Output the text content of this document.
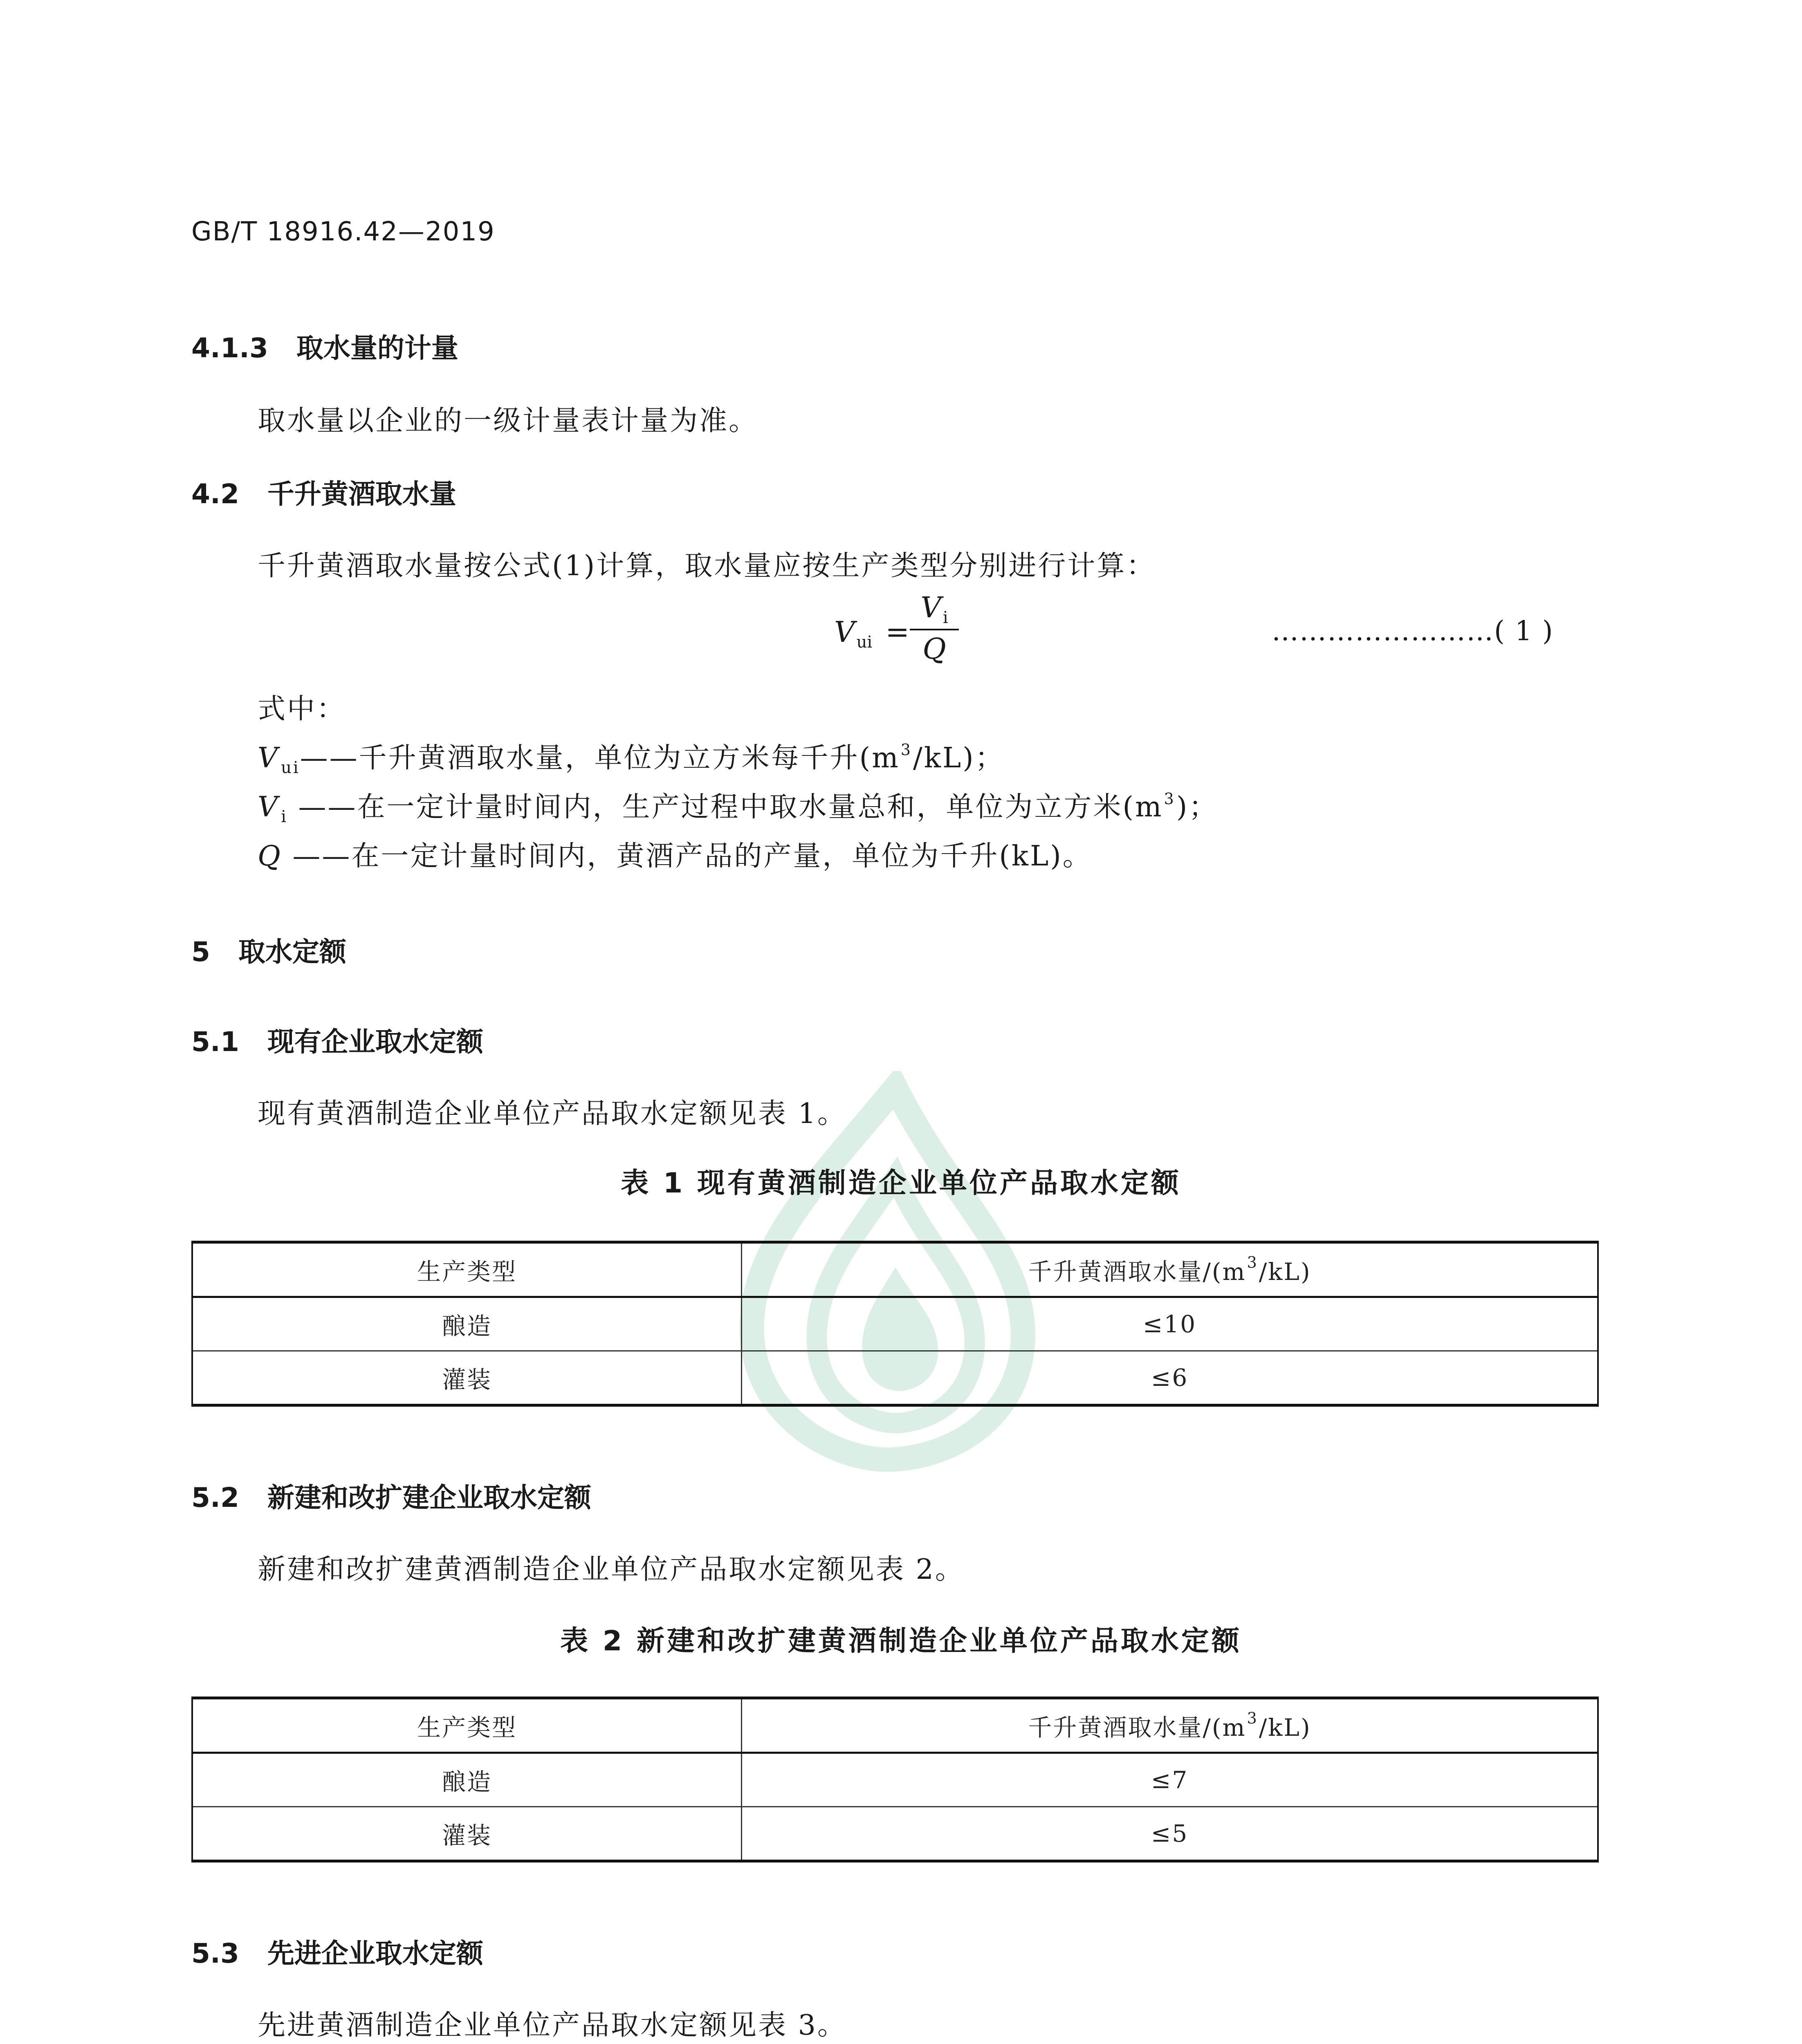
GB/T 18916.42—2019
4.1.3 取水量的计量
取水量以企业的一级计量表计量为准。
4.2 千升黄酒取水量
千升黄酒取水量按公式(1)计算，取水量应按生产类型分别进行计算：
V $_{ui}$ =
V $_i$
Q
……………………( 1 )
式中：
V $_{ui}$——千升黄酒取水量，单位为立方米每千升$(m^3/kL)$；
V $_i$ ——在一定计量时间内，生产过程中取水量总和，单位为立方米$(m^3)$；
Q ——在一定计量时间内，黄酒产品的产量，单位为千升(kL)。
5 取水定额
5.1 现有企业取水定额
现有黄酒制造企业单位产品取水定额见表 1。
表 1 现有黄酒制造企业单位产品取水定额
生产类型	千升黄酒取水量$/(m^3/kL)$
酿造	≤10
灌装	≤6
5.2 新建和改扩建企业取水定额
新建和改扩建黄酒制造企业单位产品取水定额见表 2。
表 2 新建和改扩建黄酒制造企业单位产品取水定额
生产类型	千升黄酒取水量$/(m^3/kL)$
酿造	≤7
灌装	≤5
5.3 先进企业取水定额
先进黄酒制造企业单位产品取水定额见表 3。
